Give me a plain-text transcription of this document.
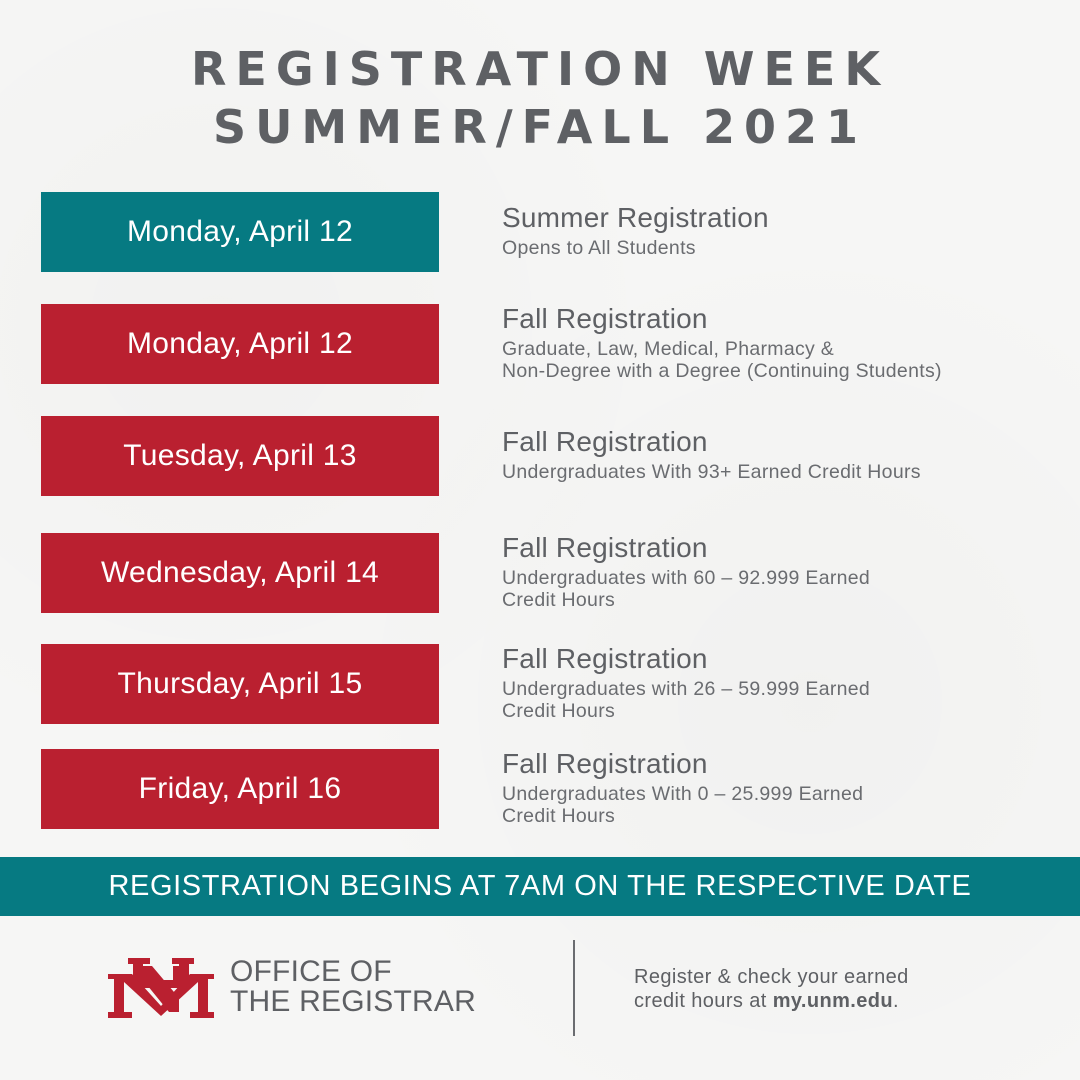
REGISTRATION WEEK
SUMMER/FALL 2021
Monday, April 12	Summer Registration
Opens to All Students
Monday, April 12
Fall Registration
Graduate, Law, Medical, Pharmacy &
Non-Degree with a Degree (Continuing Students)
Tuesday, April 13	Fall Registration
Undergraduates With 93+ Earned Credit Hours
Wednesday, April 14
Fall Registration
Undergraduates with 60 – 92.999 Earned
Credit Hours
Thursday, April 15
Fall Registration
Undergraduates with 26 – 59.999 Earned
Credit Hours
Friday, April 16
Fall Registration
Undergraduates With 0 – 25.999 Earned
Credit Hours
REGISTRATION BEGINS AT 7AM ON THE RESPECTIVE DATE
OFFICE OF
THE REGISTRAR
Register & check your earned
credit hours at my.unm.edu.
